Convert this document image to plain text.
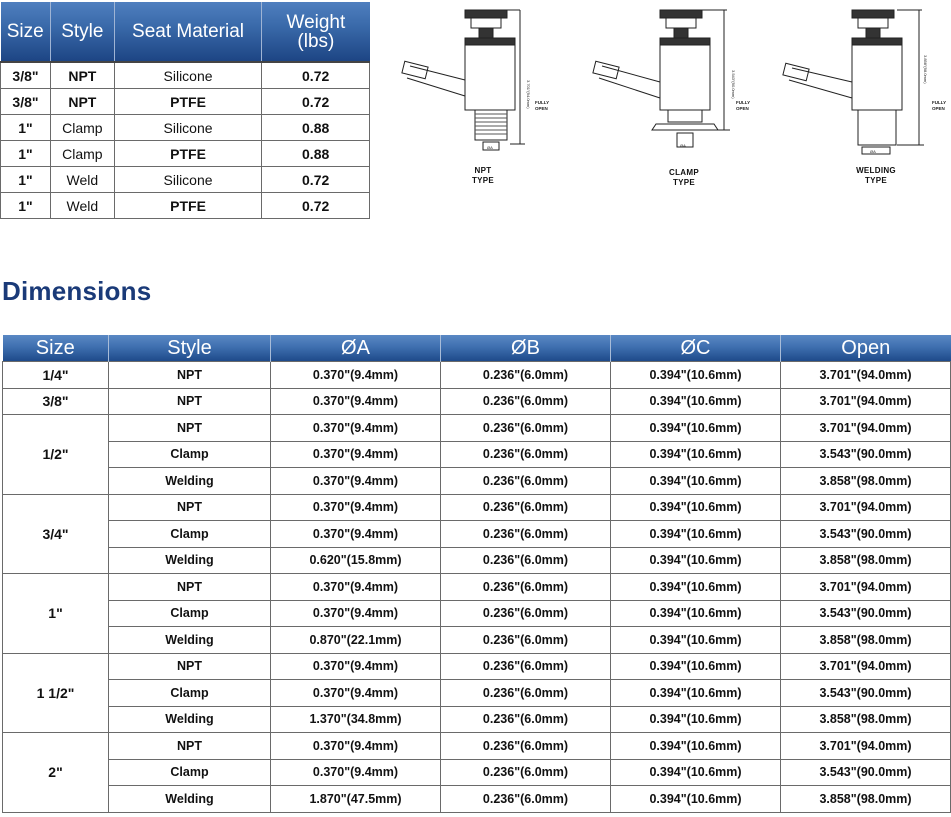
Size	Style	Seat Material	Weight
(lbs)
3/8"	NPT	Silicone	0.72
3/8"	NPT	PTFE	0.72
1"	Clamp	Silicone	0.88
1"	Clamp	PTFE	0.88
1"	Weld	Silicone	0.72
1"	Weld	PTFE	0.72
3.701"(94.0mm) FULLY
OPEN
ØA
NPT
TYPE
3.543"(90.0mm)
FULLY
OPEN
ØA
CLAMP
TYPE
3.858"(98.0mm)
FULLY
OPEN
ØA
WELDING
TYPE
Dimensions
Size	Style	ØA	ØB	ØC	Open
1/4"	NPT	0.370"(9.4mm)	0.236"(6.0mm)	0.394"(10.6mm)	3.701"(94.0mm)
3/8"	NPT	0.370"(9.4mm)	0.236"(6.0mm)	0.394"(10.6mm)	3.701"(94.0mm)
1/2"	NPT	0.370"(9.4mm)	0.236"(6.0mm)	0.394"(10.6mm)	3.701"(94.0mm)
	Clamp	0.370"(9.4mm)	0.236"(6.0mm)	0.394"(10.6mm)	3.543"(90.0mm)
	Welding	0.370"(9.4mm)	0.236"(6.0mm)	0.394"(10.6mm)	3.858"(98.0mm)
3/4"	NPT	0.370"(9.4mm)	0.236"(6.0mm)	0.394"(10.6mm)	3.701"(94.0mm)
	Clamp	0.370"(9.4mm)	0.236"(6.0mm)	0.394"(10.6mm)	3.543"(90.0mm)
	Welding	0.620"(15.8mm)	0.236"(6.0mm)	0.394"(10.6mm)	3.858"(98.0mm)
1"	NPT	0.370"(9.4mm)	0.236"(6.0mm)	0.394"(10.6mm)	3.701"(94.0mm)
	Clamp	0.370"(9.4mm)	0.236"(6.0mm)	0.394"(10.6mm)	3.543"(90.0mm)
	Welding	0.870"(22.1mm)	0.236"(6.0mm)	0.394"(10.6mm)	3.858"(98.0mm)
1 1/2"	NPT	0.370"(9.4mm)	0.236"(6.0mm)	0.394"(10.6mm)	3.701"(94.0mm)
	Clamp	0.370"(9.4mm)	0.236"(6.0mm)	0.394"(10.6mm)	3.543"(90.0mm)
	Welding	1.370"(34.8mm)	0.236"(6.0mm)	0.394"(10.6mm)	3.858"(98.0mm)
2"	NPT	0.370"(9.4mm)	0.236"(6.0mm)	0.394"(10.6mm)	3.701"(94.0mm)
	Clamp	0.370"(9.4mm)	0.236"(6.0mm)	0.394"(10.6mm)	3.543"(90.0mm)
	Welding	1.870"(47.5mm)	0.236"(6.0mm)	0.394"(10.6mm)	3.858"(98.0mm)
